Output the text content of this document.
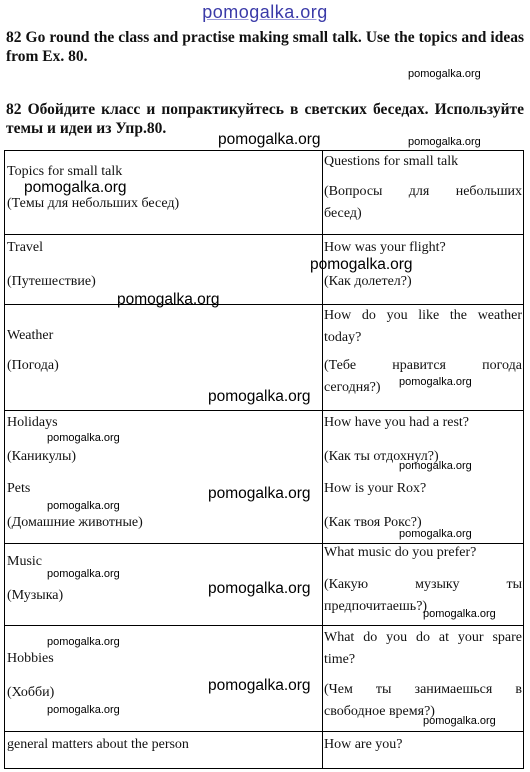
pomogalka.org

82 Go round the class and practise making small talk. Use the topics and ideas from Ex. 80.

82 Обойдите класс и попрактикуйтесь в светских беседах. Используйте темы и идеи из Упр.80.

Topics for small talk

(Темы для небольших бесед)

Questions for small talk

(Вопросы для небольших

бесед)

Travel

(Путешествие)

How was your flight?

(Как долетел?)

Weather

(Погода)

How do you like the weather

today?

(Тебе нравится погода

сегодня?)

Holidays

(Каникулы)

Pets

(Домашние животные)

How have you had a rest?

(Как ты отдохнул?)

How is your Rox?

(Как твоя Рокс?)

Music

(Музыка)

What music do you prefer?

(Какую музыку ты

предпочитаешь?)

Hobbies

(Хобби)

What do you do at your spare

time?

(Чем ты занимаешься в

свободное время?)

general matters about the person	How are you?

pomogalka.org
pomogalka.org	pomogalka.org
pomogalka.org
pomogalka.org
pomogalka.org
pomogalka.org
pomogalka.org
pomogalka.org
pomogalka.org
pomogalka.org
pomogalka.org
pomogalka.org
pomogalka.org
pomogalka.org
pomogalka.org
pomogalka.org
pomogalka.org
pomogalka.org
pomogalka.org
